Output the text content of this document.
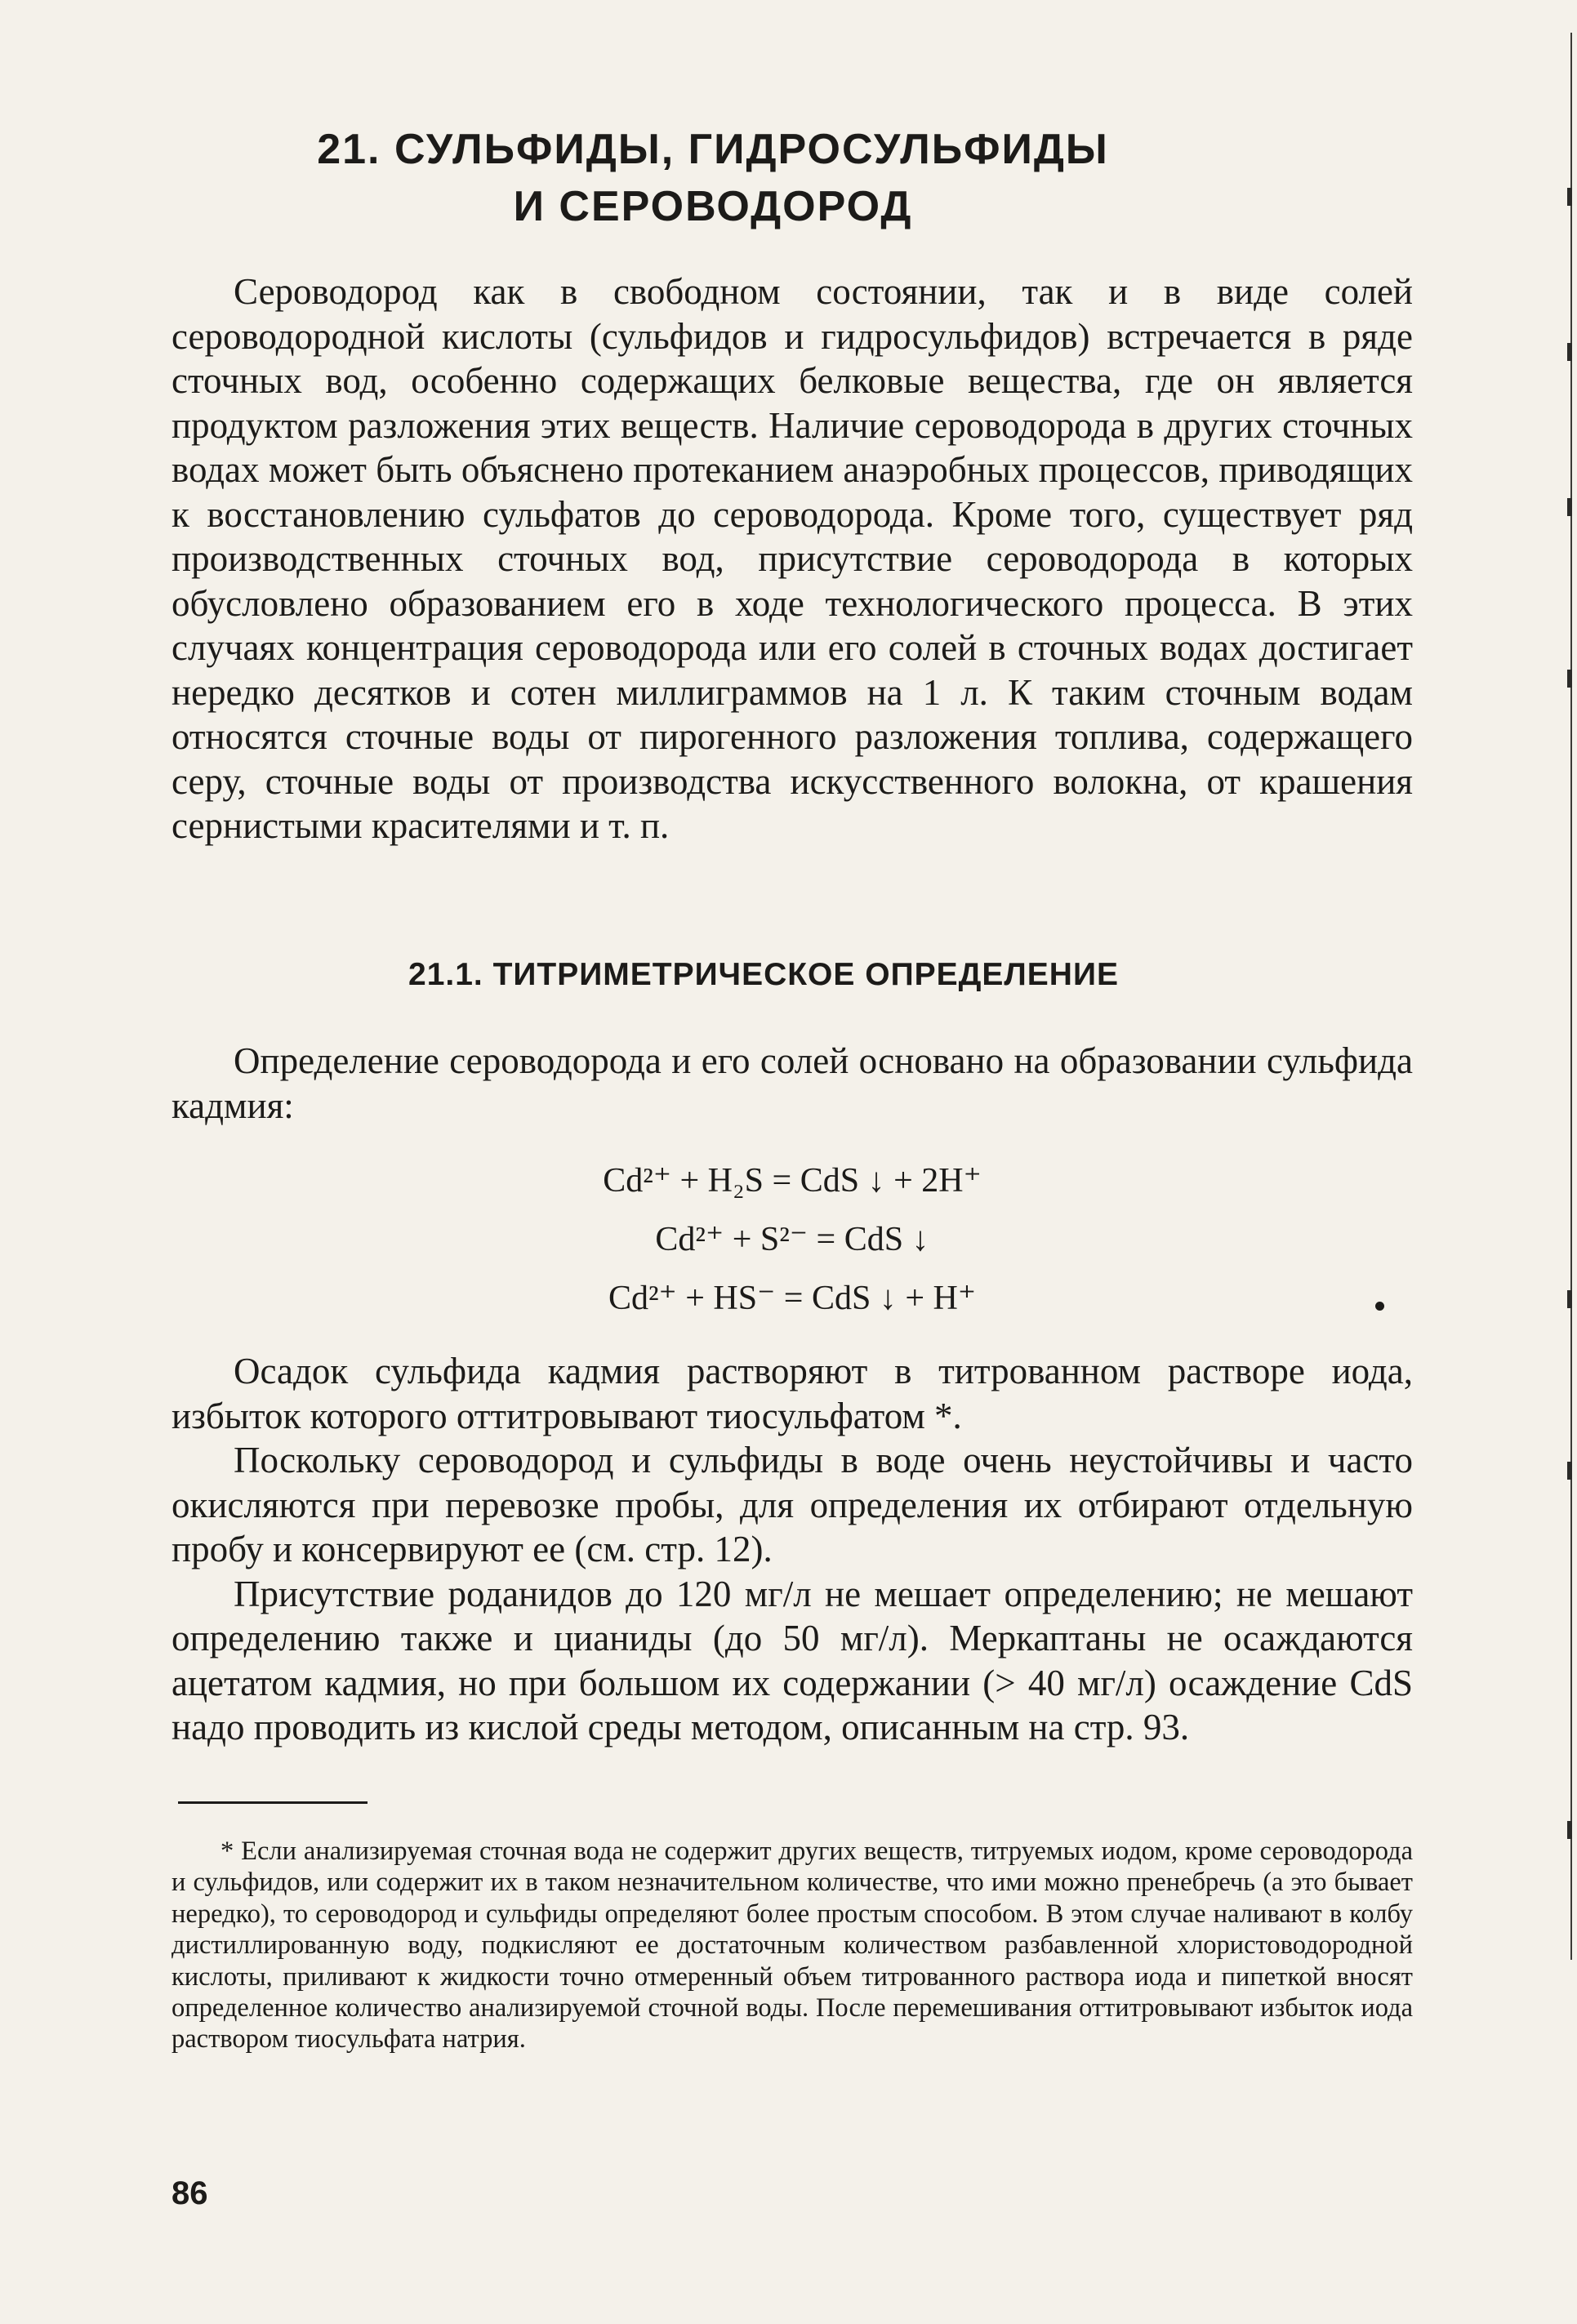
21. СУЛЬФИДЫ, ГИДРОСУЛЬФИДЫ
И СЕРОВОДОРОД

Сероводород как в свободном состоянии, так и в виде солей сероводородной кислоты (сульфидов и гидросульфидов) встречается в ряде сточных вод, особенно содержащих белковые вещества, где он является продуктом разложения этих веществ. Наличие сероводорода в других сточных водах может быть объяснено протеканием анаэробных процессов, приводящих к восстановлению сульфатов до сероводорода. Кроме того, существует ряд производственных сточных вод, присутствие сероводорода в которых обусловлено образованием его в ходе технологического процесса. В этих случаях концентрация сероводорода или его солей в сточных водах достигает нередко десятков и сотен миллиграммов на 1 л. К таким сточным водам относятся сточные воды от пирогенного разложения топлива, содержащего серу, сточные воды от производства искусственного волокна, от крашения сернистыми красителями и т. п.

21.1. ТИТРИМЕТРИЧЕСКОЕ ОПРЕДЕЛЕНИЕ

Определение сероводорода и его солей основано на образовании сульфида кадмия:

Cd²⁺ + H₂S = CdS ↓ + 2H⁺
Cd²⁺ + S²⁻ = CdS ↓
Cd²⁺ + HS⁻ = CdS ↓ + H⁺

Осадок сульфида кадмия растворяют в титрованном растворе иода, избыток которого оттитровывают тиосульфатом *.

Поскольку сероводород и сульфиды в воде очень неустойчивы и часто окисляются при перевозке пробы, для определения их отбирают отдельную пробу и консервируют ее (см. стр. 12).

Присутствие роданидов до 120 мг/л не мешает определению; не мешают определению также и цианиды (до 50 мг/л). Меркаптаны не осаждаются ацетатом кадмия, но при большом их содержании (> 40 мг/л) осаждение CdS надо проводить из кислой среды методом, описанным на стр. 93.

* Если анализируемая сточная вода не содержит других веществ, титруемых иодом, кроме сероводорода и сульфидов, или содержит их в таком незначительном количестве, что ими можно пренебречь (а это бывает нередко), то сероводород и сульфиды определяют более простым способом. В этом случае наливают в колбу дистиллированную воду, подкисляют ее достаточным количеством разбавленной хлористоводородной кислоты, приливают к жидкости точно отмеренный объем титрованного раствора иода и пипеткой вносят определенное количество анализируемой сточной воды. После перемешивания оттитровывают избыток иода раствором тиосульфата натрия.

86
